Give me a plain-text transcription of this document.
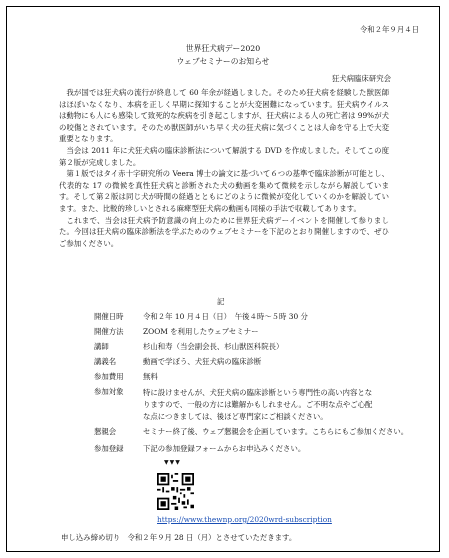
令和２年９月４日
世界狂犬病デー2020
ウェブセミナーのお知らせ
狂犬病臨床研究会

我が国では狂犬病の流行が終息して 60 年余が経過しました。そのため狂犬病を経験した獣医師はほぼいなくなり、本病を正しく早期に探知することが大変困難になっています。狂犬病ウイルスは動物にも人にも感染して致死的な疾病を引き起こしますが、狂犬病による人の死亡者は 99%が犬の咬傷とされています。そのため獣医師がいち早く犬の狂犬病に気づくことは人命を守る上で大変重要となります。

当会は 2011 年に犬狂犬病の臨床診断法について解説する DVD を作成しました。そしてこの度第２版が完成しました。

第１版ではタイ赤十字研究所の Veera 博士の論文に基づいて６つの基準で臨床診断が可能とし、代表的な 17 の微候を真性狂犬病と診断された犬の動画を集めて微候を示しながら解説しています。そして第２版は同じ犬が時間の経過とともにどのように微候が変化していくのかを解説しています。また、比較的珍しいとされる麻痺型狂犬病の動画も同様の手法で収載してあります。

これまで、当会は狂犬病予防意識の向上のために世界狂犬病デーイベントを開催して参りました。今回は狂犬病の臨床診断法を学ぶためのウェブセミナーを下記のとおり開催しますので、ぜひご参加ください。

記
開催日時	令和２年 10 月４日（日）　午後４時～５時 30 分
開催方法	ZOOM を利用したウェブセミナー
講師	杉山和寿（当会副会長、杉山獣医科院長）
講義名	動画で学ぼう、犬狂犬病の臨床診断
参加費用	無料
参加対象	特に設けませんが、犬狂犬病の臨床診断という専門性の高い内容となりますので、一般の方には難解かもしれません。ご不明な点やご心配な点につきましては、後ほど専門家にご相談ください。
懇親会	セミナー終了後、ウェブ懇親会を企画しています。こちらにもご参加ください。
参加登録	下記の参加登録フォームからお申込みください。
▼▼▼
https://www.thewnp.org/2020wrd-subscription
申し込み締め切り　令和２年９月 28 日（月）とさせていただきます。
